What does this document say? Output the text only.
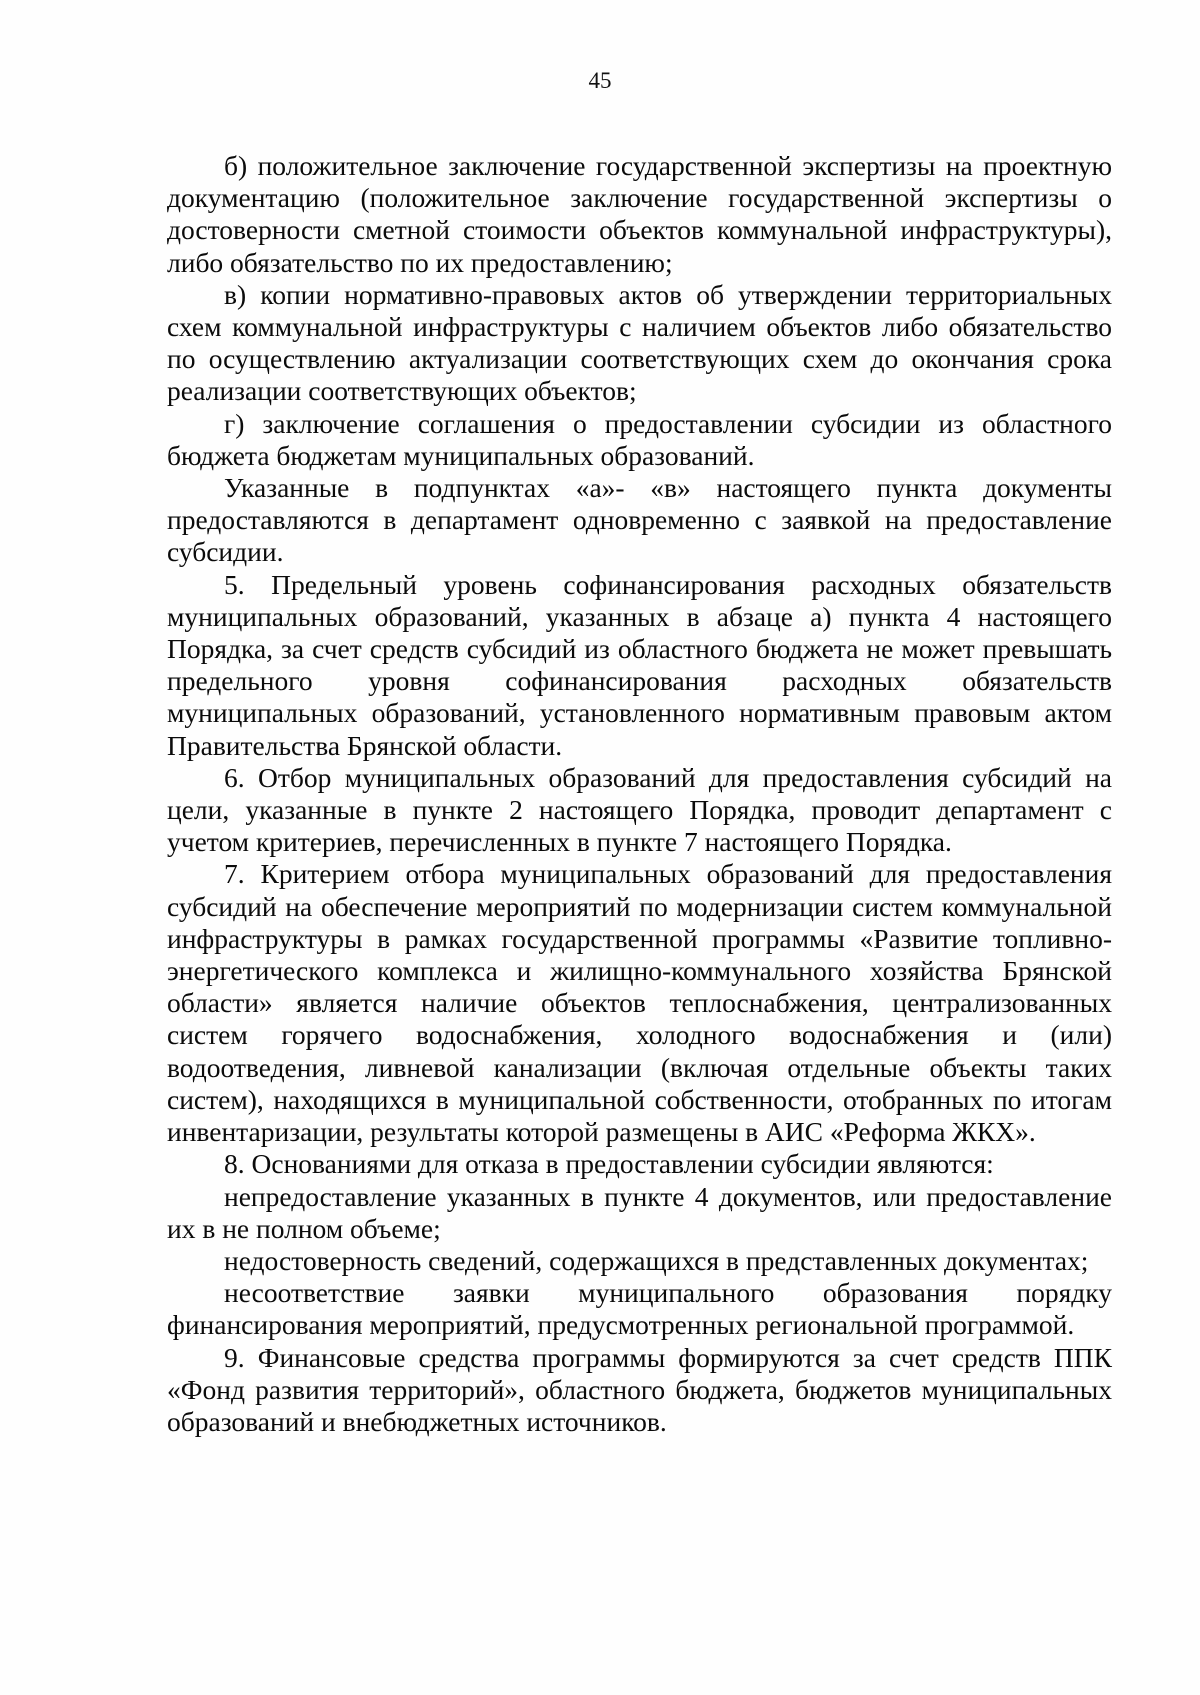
45

б) положительное заключение государственной экспертизы на проектную документацию (положительное заключение государственной экспертизы о достоверности сметной стоимости объектов коммунальной инфраструктуры), либо обязательство по их предоставлению;

в) копии нормативно-правовых актов об утверждении территориальных схем коммунальной инфраструктуры с наличием объектов либо обязательство по осуществлению актуализации соответствующих схем до окончания срока реализации соответствующих объектов;

г) заключение соглашения о предоставлении субсидии из областного бюджета бюджетам муниципальных образований.

Указанные в подпунктах «а»- «в» настоящего пункта документы предоставляются в департамент одновременно с заявкой на предоставление субсидии.

5. Предельный уровень софинансирования расходных обязательств муниципальных образований, указанных в абзаце а) пункта 4 настоящего Порядка, за счет средств субсидий из областного бюджета не может превышать предельного уровня софинансирования расходных обязательств муниципальных образований, установленного нормативным правовым актом Правительства Брянской области.

6. Отбор муниципальных образований для предоставления субсидий на цели, указанные в пункте 2 настоящего Порядка, проводит департамент с учетом критериев, перечисленных в пункте 7 настоящего Порядка.

7. Критерием отбора муниципальных образований для предоставления субсидий на обеспечение мероприятий по модернизации систем коммунальной инфраструктуры в рамках государственной программы «Развитие топливно-энергетического комплекса и жилищно-коммунального хозяйства Брянской области» является наличие объектов теплоснабжения, централизованных систем горячего водоснабжения, холодного водоснабжения и (или) водоотведения, ливневой канализации (включая отдельные объекты таких систем), находящихся в муниципальной собственности, отобранных по итогам инвентаризации, результаты которой размещены в АИС «Реформа ЖКХ».

8. Основаниями для отказа в предоставлении субсидии являются:

непредоставление указанных в пункте 4 документов, или предоставление их в не полном объеме;

недостоверность сведений, содержащихся в представленных документах;

несоответствие заявки муниципального образования порядку финансирования мероприятий, предусмотренных региональной программой.

9. Финансовые средства программы формируются за счет средств ППК «Фонд развития территорий», областного бюджета, бюджетов муниципальных образований и внебюджетных источников.
